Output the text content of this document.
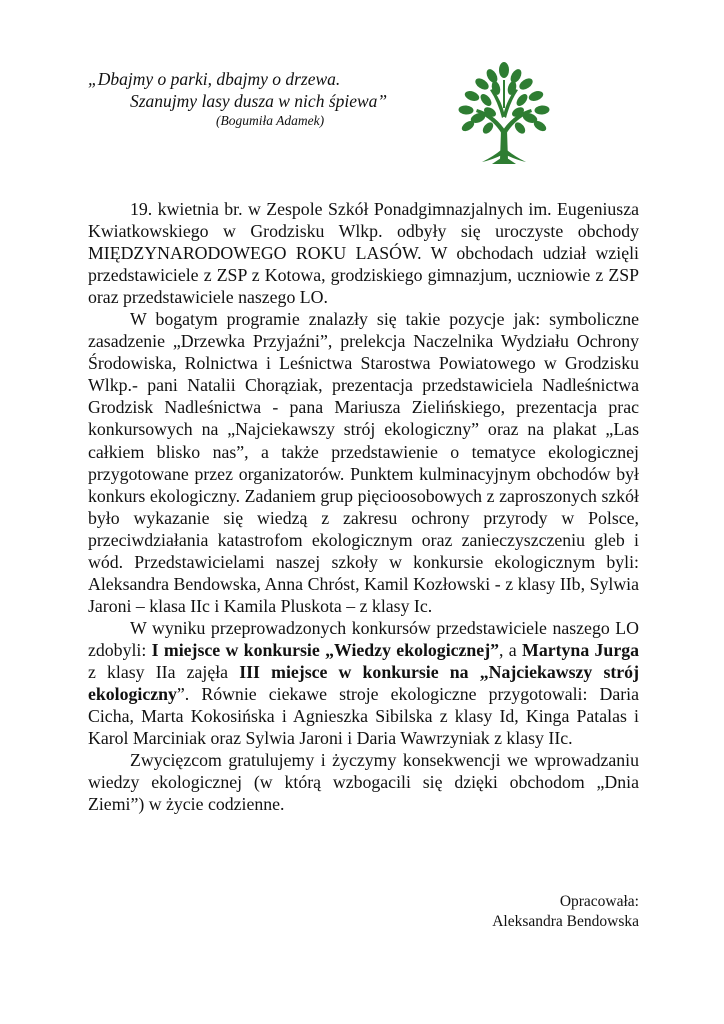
„Dbajmy o parki, dbajmy o drzewa.
Szanujmy lasy dusza w nich śpiewa”
(Bogumiła Adamek)

19. kwietnia br. w Zespole Szkół Ponadgimnazjalnych im. Eugeniusza Kwiatkowskiego w Grodzisku Wlkp. odbyły się uroczyste obchody MIĘDZYNARODOWEGO ROKU LASÓW. W obchodach udział wzięli przedstawiciele z ZSP z Kotowa, grodziskiego gimnazjum, uczniowie z ZSP oraz przedstawiciele naszego LO.

W bogatym programie znalazły się takie pozycje jak: symboliczne zasadzenie „Drzewka Przyjaźni”, prelekcja Naczelnika Wydziału Ochrony Środowiska, Rolnictwa i Leśnictwa Starostwa Powiatowego w Grodzisku Wlkp.- pani Natalii Chorąziak, prezentacja przedstawiciela Nadleśnictwa Grodzisk Nadleśnictwa - pana Mariusza Zielińskiego, prezentacja prac konkursowych na „Najciekawszy strój ekologiczny” oraz na plakat „Las całkiem blisko nas”, a także przedstawienie o tematyce ekologicznej przygotowane przez organizatorów. Punktem kulminacyjnym obchodów był konkurs ekologiczny. Zadaniem grup pięcioosobowych z zaproszonych szkół było wykazanie się wiedzą z zakresu ochrony przyrody w Polsce, przeciwdziałania katastrofom ekologicznym oraz zanieczyszczeniu gleb i wód. Przedstawicielami naszej szkoły w konkursie ekologicznym byli: Aleksandra Bendowska, Anna Chróst, Kamil Kozłowski - z klasy IIb, Sylwia Jaroni – klasa IIc i Kamila Pluskota – z klasy Ic.

W wyniku przeprowadzonych konkursów przedstawiciele naszego LO zdobyli: I miejsce w konkursie „Wiedzy ekologicznej”, a Martyna Jurga z klasy IIa zajęła III miejsce w konkursie na „Najciekawszy strój ekologiczny”. Równie ciekawe stroje ekologiczne przygotowali: Daria Cicha, Marta Kokosińska i Agnieszka Sibilska z klasy Id, Kinga Patalas i Karol Marciniak oraz Sylwia Jaroni i Daria Wawrzyniak z klasy IIc.

Zwycięzcom gratulujemy i życzymy konsekwencji we wprowadzaniu wiedzy ekologicznej (w którą wzbogacili się dzięki obchodom „Dnia Ziemi”) w życie codzienne.

Opracowała:
Aleksandra Bendowska
